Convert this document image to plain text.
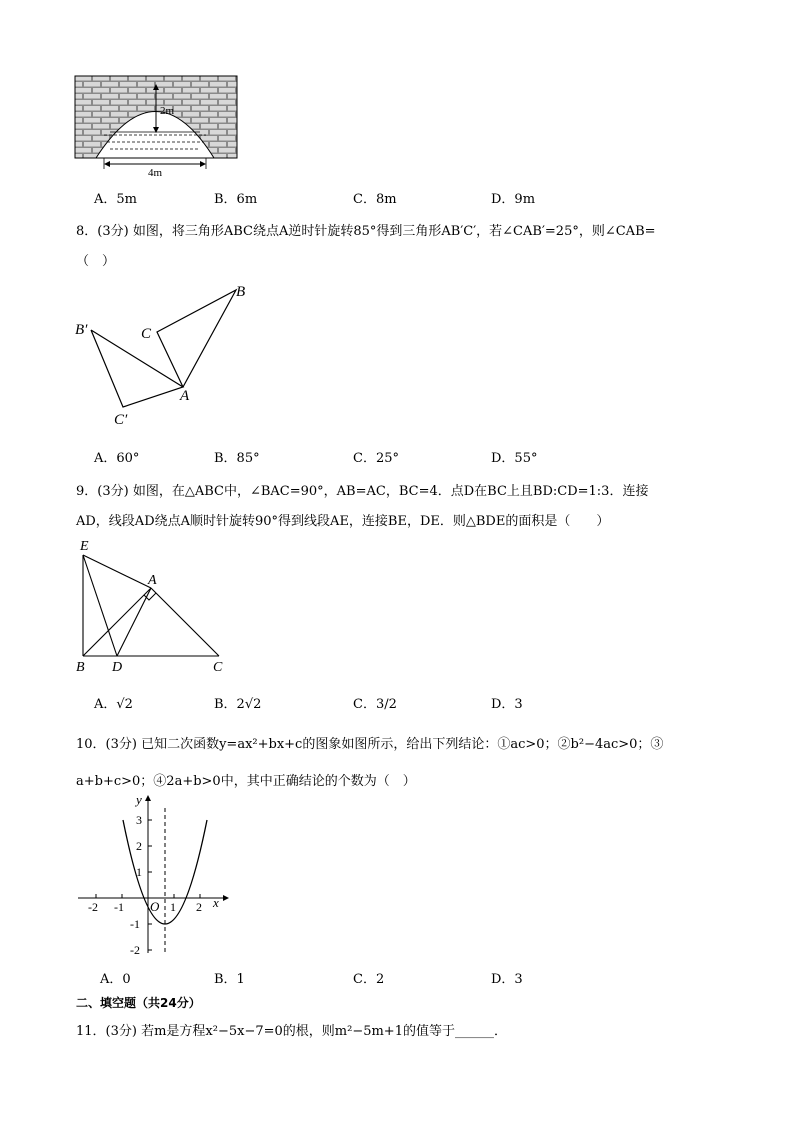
2m
4m
A．5m	B．6m	C．8m	D．9m
8．(3分) 如图，将三角形ABC绕点A逆时针旋转85°得到三角形AB′C′，若∠CAB′=25°，则∠CAB=
（　）
B
C
A
B′
C′
A．60°	B．85°	C．25°	D．55°
9．(3分) 如图，在△ABC中，∠BAC=90°，AB=AC，BC=4．点D在BC上且BD:CD=1:3．连接
AD，线段AD绕点A顺时针旋转90°得到线段AE，连接BE，DE．则△BDE的面积是（　　）
E
A
B D	C
A．√2	B．2√2	C．3/2	D．3
10．(3分) 已知二次函数y=ax²+bx+c的图象如图所示，给出下列结论：①ac>0；②b²−4ac>0；③
a+b+c>0；④2a+b>0中，其中正确结论的个数为（　）
y
x
O
3
2
1
-1
-2
-2 -1	1 2
A．0	B．1	C．2	D．3
二、填空题（共24分）
11．(3分) 若m是方程x²−5x−7=0的根，则m²−5m+1的值等于______．
